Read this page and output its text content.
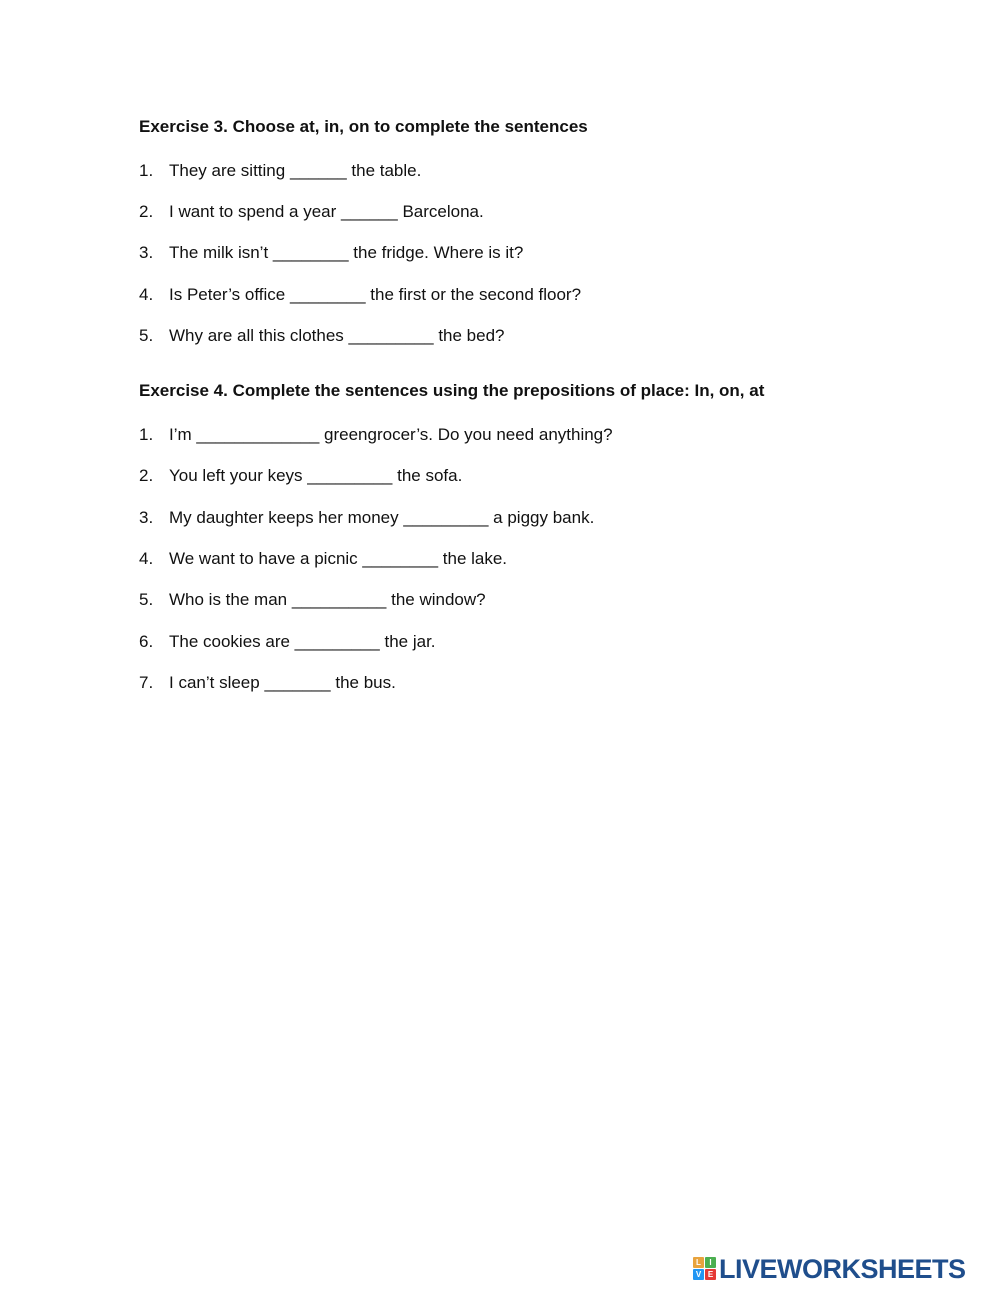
Exercise 3. Choose at, in, on to complete the sentences
1. They are sitting ______ the table.
2. I want to spend a year ______ Barcelona.
3. The milk isn’t ________ the fridge. Where is it?
4. Is Peter’s office ________ the first or the second floor?
5. Why are all this clothes _________ the bed?
Exercise 4. Complete the sentences using the prepositions of place: In, on, at
1. I’m _____________ greengrocer’s. Do you need anything?
2. You left your keys _________ the sofa.
3. My daughter keeps her money _________ a piggy bank.
4. We want to have a picnic ________ the lake.
5. Who is the man __________ the window?
6. The cookies are _________ the jar.
7. I can’t sleep _______ the bus.
L	I
V E LIVEWORKSHEETS
